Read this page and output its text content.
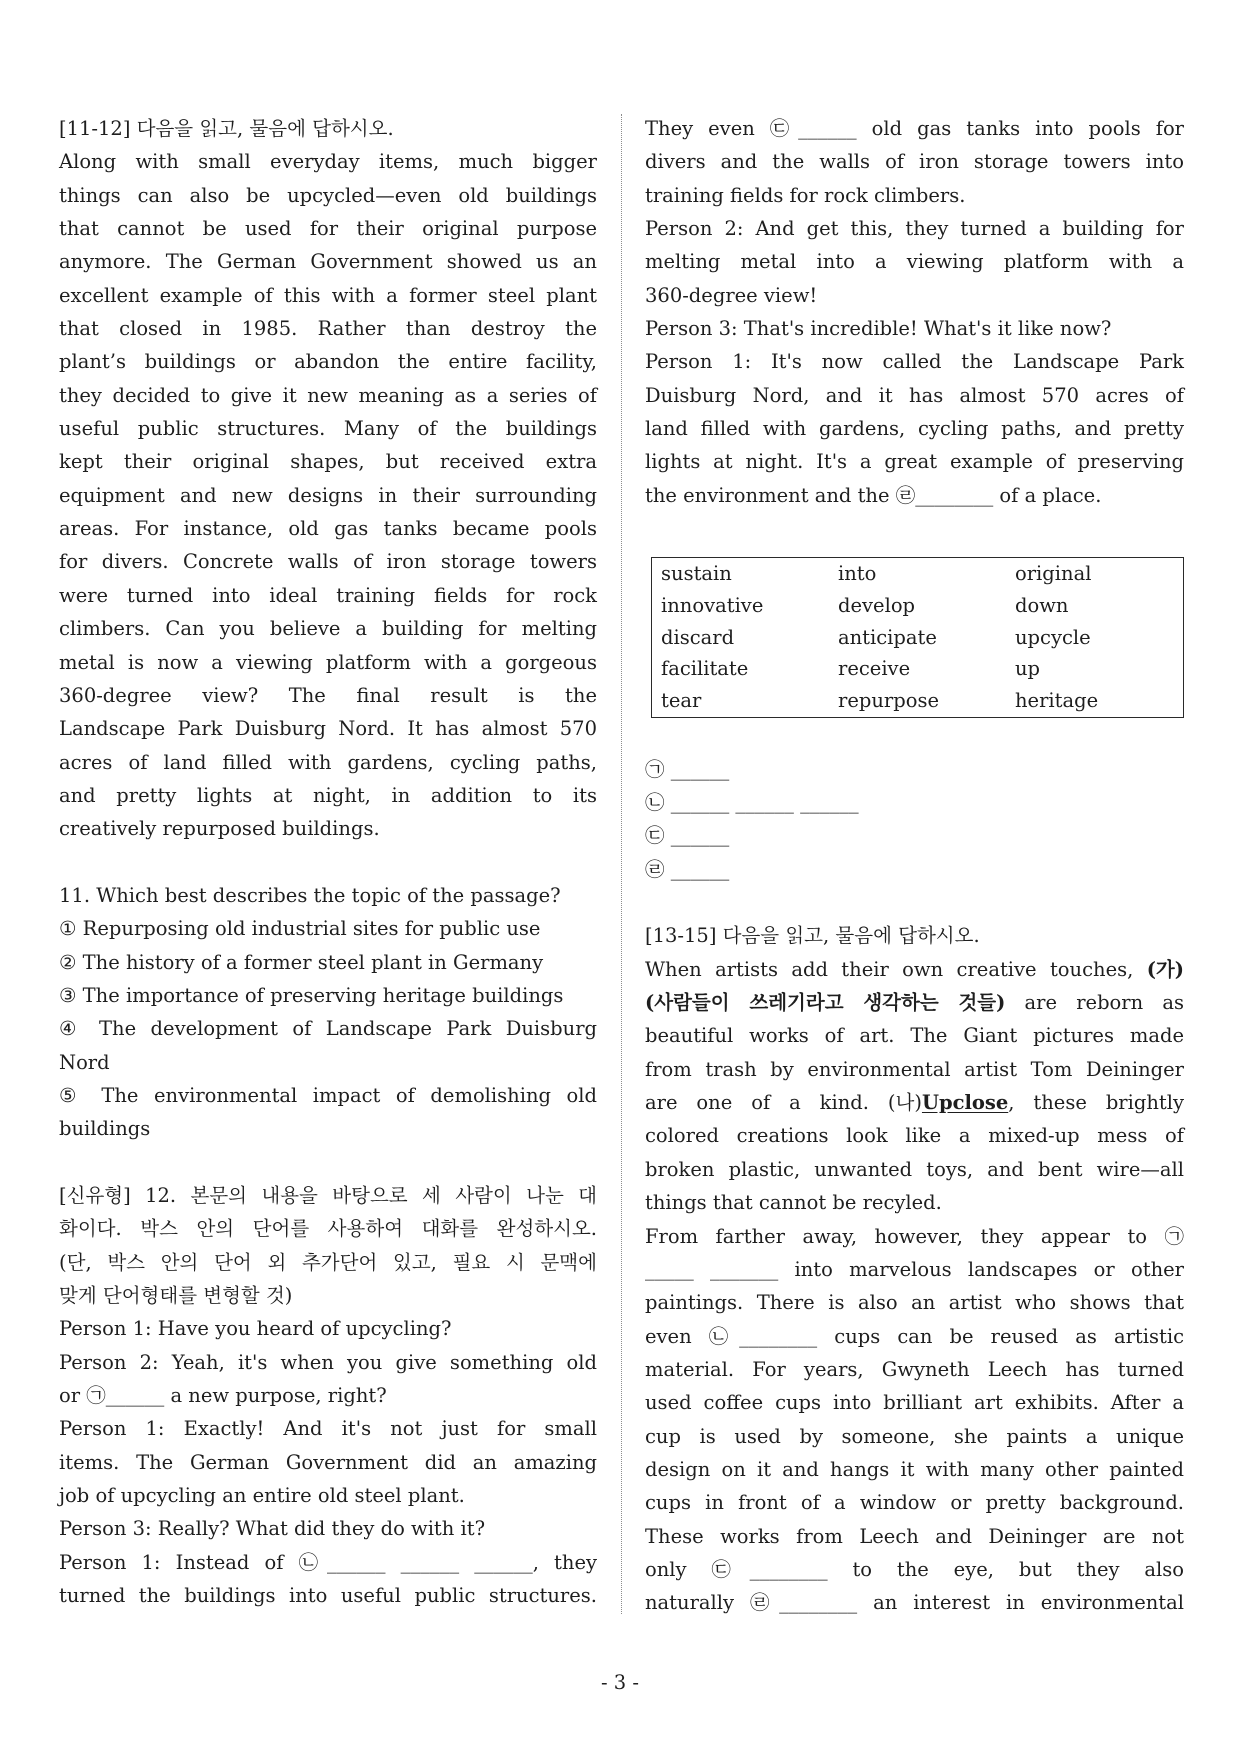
[11-12] 다음을 읽고, 물음에 답하시오.
Along with small everyday items, much bigger
things can also be upcycled—even old buildings
that cannot be used for their original purpose
anymore. The German Government showed us an
excellent example of this with a former steel plant
that closed in 1985. Rather than destroy the
plant’s buildings or abandon the entire facility,
they decided to give it new meaning as a series of
useful public structures. Many of the buildings
kept their original shapes, but received extra
equipment and new designs in their surrounding
areas. For instance, old gas tanks became pools
for divers. Concrete walls of iron storage towers
were turned into ideal training fields for rock
climbers. Can you believe a building for melting
metal is now a viewing platform with a gorgeous
360-degree view? The final result is the
Landscape Park Duisburg Nord. It has almost 570
acres of land filled with gardens, cycling paths,
and pretty lights at night, in addition to its
creatively repurposed buildings.
11. Which best describes the topic of the passage?
① Repurposing old industrial sites for public use
② The history of a former steel plant in Germany
③ The importance of preserving heritage buildings
④ The development of Landscape Park Duisburg
Nord
⑤ The environmental impact of demolishing old
buildings
[신유형] 12. 본문의 내용을 바탕으로 세 사람이 나눈 대
화이다. 박스 안의 단어를 사용하여 대화를 완성하시오.
(단, 박스 안의 단어 외 추가단어 있고, 필요 시 문맥에
맞게 단어형태를 변형할 것)
Person 1: Have you heard of upcycling?
Person 2: Yeah, it's when you give something old
or ㉠______ a new purpose, right?
Person 1: Exactly! And it's not just for small
items. The German Government did an amazing
job of upcycling an entire old steel plant.
Person 3: Really? What did they do with it?
Person 1: Instead of ㉡______ ______ ______, they
turned the buildings into useful public structures.
They even ㉢______ old gas tanks into pools for
divers and the walls of iron storage towers into
training fields for rock climbers.
Person 2: And get this, they turned a building for
melting metal into a viewing platform with a
360-degree view!
Person 3: That's incredible! What's it like now?
Person 1: It's now called the Landscape Park
Duisburg Nord, and it has almost 570 acres of
land filled with gardens, cycling paths, and pretty
lights at night. It's a great example of preserving
the environment and the ㉣________ of a place.
sustain	into	original
innovative	develop	down
discard	anticipate	upcycle
facilitate	receive	up
tear	repurpose	heritage
㉠ ______
㉡ ______ ______ ______
㉢ ______
㉣ ______
[13-15] 다음을 읽고, 물음에 답하시오.
When artists add their own creative touches, (가)
(사람들이 쓰레기라고 생각하는 것들) are reborn as
beautiful works of art. The Giant pictures made
from trash by environmental artist Tom Deininger
are one of a kind. (나)Upclose, these brightly
colored creations look like a mixed-up mess of
broken plastic, unwanted toys, and bent wire—all
things that cannot be recyled.
From farther away, however, they appear to ㉠
_____ _______ into marvelous landscapes or other
paintings. There is also an artist who shows that
even ㉡________ cups can be reused as artistic
material. For years, Gwyneth Leech has turned
used coffee cups into brilliant art exhibits. After a
cup is used by someone, she paints a unique
design on it and hangs it with many other painted
cups in front of a window or pretty background.
These works from Leech and Deininger are not
only ㉢________ to the eye, but they also
naturally ㉣________ an interest in environmental
- 3 -
